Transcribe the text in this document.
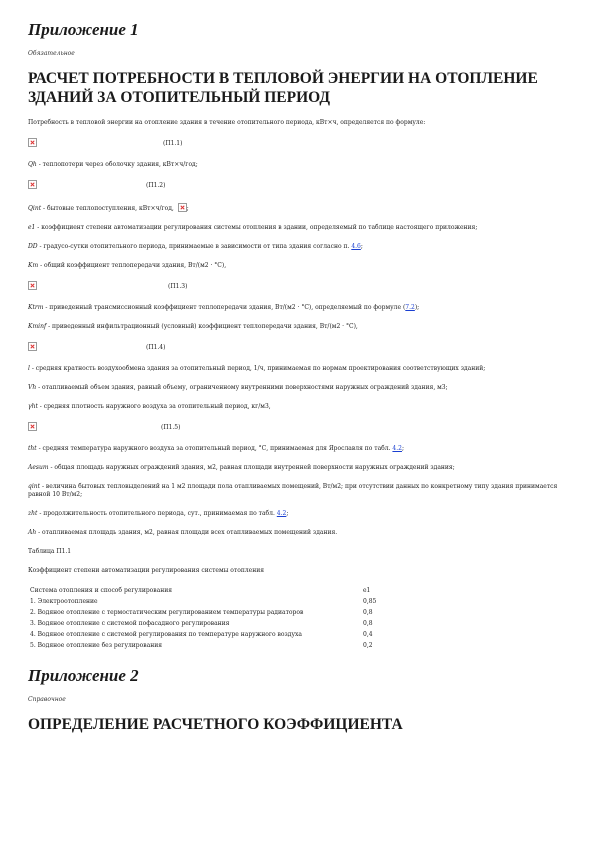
Приложение 1
Обязательное
РАСЧЕТ ПОТРЕБНОСТИ В ТЕПЛОВОЙ ЭНЕРГИИ НА ОТОПЛЕНИЕ ЗДАНИЙ ЗА ОТОПИТЕЛЬНЫЙ ПЕРИОД

Потребность в тепловой энергии на отопление здания в течение отопительного периода, кВт×ч, определяется по формуле:

(П1.1)

Qh - теплопотери через оболочку здания, кВт×ч/год;

(П1.2)

Qint - бытовые теплопоступления, кВт×ч/год, ;

e1 - коэффициент степени автоматизации регулирования системы отопления в здании, определяемый по таблице настоящего приложения;

DD - градусо-сутки отопительного периода, принимаемые в зависимости от типа здания согласно п. 4.6;

Km - общий коэффициент теплопередачи здания, Вт/(м2 · °С),

(П1.3)

Ktrm - приведенный трансмиссионный коэффициент теплопередачи здания, Вт/(м2 · °С), определяемый по формуле (7.2);

Kminf - приведенный инфильтрационный (условный) коэффициент теплопередачи здания, Вт/(м2 · °С),

(П1.4)

l - средняя кратность воздухообмена здания за отопительный период, 1/ч, принимаемая по нормам проектирования соответствующих зданий;

Vh - отапливаемый объем здания, равный объему, ограниченному внутренними поверхностями наружных ограждений здания, м3;

γht - средняя плотность наружного воздуха за отопительный период, кг/м3,

(П1.5)

tht - средняя температура наружного воздуха за отопительный период, °С, принимаемая для Ярославля по табл. 4.2;

Aesum - общая площадь наружных ограждений здания, м2, равная площади внутренней поверхности наружных ограждений здания;

qint - величина бытовых тепловыделений на 1 м2 площади пола отапливаемых помещений, Вт/м2; при отсутствии данных по конкретному типу здания принимается равной 10 Вт/м2;

zht - продолжительность отопительного периода, сут., принимаемая по табл. 4.2;

Ah - отапливаемая площадь здания, м2, равная площади всех отапливаемых помещений здания.

Таблица П1.1

Коэффициент степени автоматизации регулирования системы отопления

Система отопления и способ регулирования	e1
1. Электроотопление	0,85
2. Водяное отопление с термостатическим регулированием температуры радиаторов	0,8
3. Водяное отопление с системой пофасадного регулирования	0,8
4. Водяное отопление с системой регулирования по температуре наружного воздуха	0,4
5. Водяное отопление без регулирования	0,2
Приложение 2
Справочное
ОПРЕДЕЛЕНИЕ РАСЧЕТНОГО КОЭФФИЦИЕНТА
